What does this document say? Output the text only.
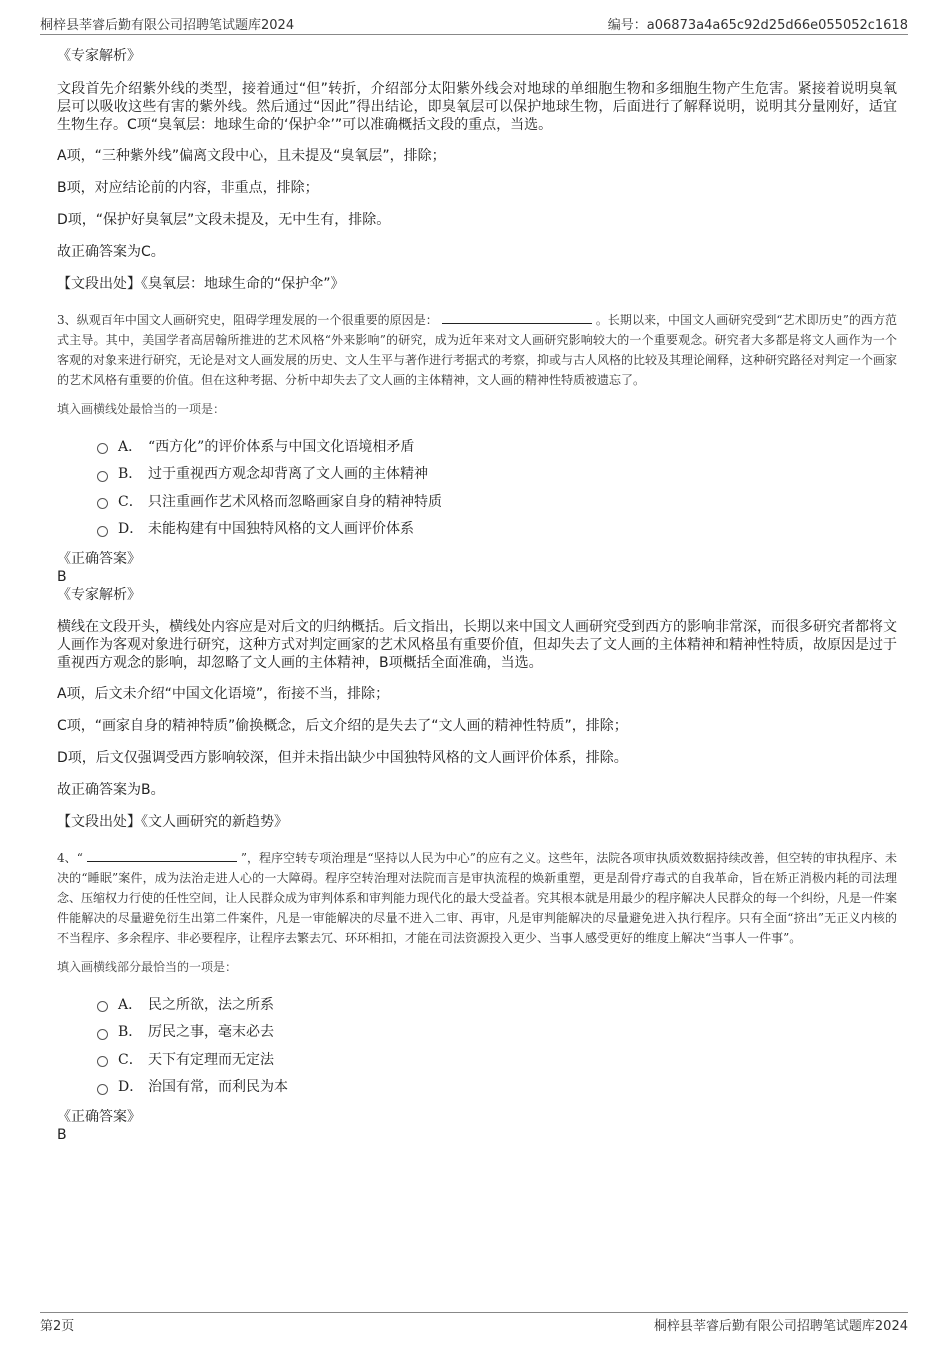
桐梓县莘睿后勤有限公司招聘笔试题库2024	编号：a06873a4a65c92d25d66e055052c1618

《专家解析》

文段首先介绍紫外线的类型，接着通过“但”转折，介绍部分太阳紫外线会对地球的单细胞生物和多细胞生物产生危害。紧接着说明臭氧层可以吸收这些有害的紫外线。然后通过“因此”得出结论，即臭氧层可以保护地球生物，后面进行了解释说明，说明其分量刚好，适宜生物生存。C项“臭氧层：地球生命的‘保护伞’”可以准确概括文段的重点，当选。

A项，“三种紫外线”偏离文段中心，且未提及“臭氧层”，排除；

B项，对应结论前的内容，非重点，排除；

D项，“保护好臭氧层”文段未提及，无中生有，排除。

故正确答案为C。

【文段出处】《臭氧层：地球生命的“保护伞”》

3、纵观百年中国文人画研究史，阻碍学理发展的一个很重要的原因是：	。长期以来，中国文人画研究受到“艺术即历史”的西方范式主导。其中，美国学者高居翰所推进的艺术风格“外来影响”的研究，成为近年来对文人画研究影响较大的一个重要观念。研究者大多都是将文人画作为一个客观的对象来进行研究，无论是对文人画发展的历史、文人生平与著作进行考据式的考察，抑或与古人风格的比较及其理论阐释，这种研究路径对判定一个画家的艺术风格有重要的价值。但在这种考据、分析中却失去了文人画的主体精神，文人画的精神性特质被遗忘了。

填入画横线处最恰当的一项是：

A． “西方化”的评价体系与中国文化语境相矛盾
B． 过于重视西方观念却背离了文人画的主体精神
C． 只注重画作艺术风格而忽略画家自身的精神特质
D． 未能构建有中国独特风格的文人画评价体系

《正确答案》

B

《专家解析》

横线在文段开头，横线处内容应是对后文的归纳概括。后文指出，长期以来中国文人画研究受到西方的影响非常深，而很多研究者都将文人画作为客观对象进行研究，这种方式对判定画家的艺术风格虽有重要价值，但却失去了文人画的主体精神和精神性特质，故原因是过于重视西方观念的影响，却忽略了文人画的主体精神，B项概括全面准确，当选。

A项，后文未介绍“中国文化语境”，衔接不当，排除；

C项，“画家自身的精神特质”偷换概念，后文介绍的是失去了“文人画的精神性特质”，排除；

D项，后文仅强调受西方影响较深，但并未指出缺少中国独特风格的文人画评价体系，排除。

故正确答案为B。

【文段出处】《文人画研究的新趋势》

4、“	”，程序空转专项治理是“坚持以人民为中心”的应有之义。这些年，法院各项审执质效数据持续改善，但空转的审执程序、未决的“睡眠”案件，成为法治走进人心的一大障碍。程序空转治理对法院而言是审执流程的焕新重塑，更是刮骨疗毒式的自我革命，旨在矫正消极内耗的司法理念、压缩权力行使的任性空间，让人民群众成为审判体系和审判能力现代化的最大受益者。究其根本就是用最少的程序解决人民群众的每一个纠纷，凡是一件案件能解决的尽量避免衍生出第二件案件，凡是一审能解决的尽量不进入二审、再审，凡是审判能解决的尽量避免进入执行程序。只有全面“挤出”无正义内核的不当程序、多余程序、非必要程序，让程序去繁去冗、环环相扣，才能在司法资源投入更少、当事人感受更好的维度上解决“当事人一件事”。

填入画横线部分最恰当的一项是：

A． 民之所欲，法之所系
B． 厉民之事，毫末必去
C． 天下有定理而无定法
D． 治国有常，而利民为本

《正确答案》

B

第2页	桐梓县莘睿后勤有限公司招聘笔试题库2024
